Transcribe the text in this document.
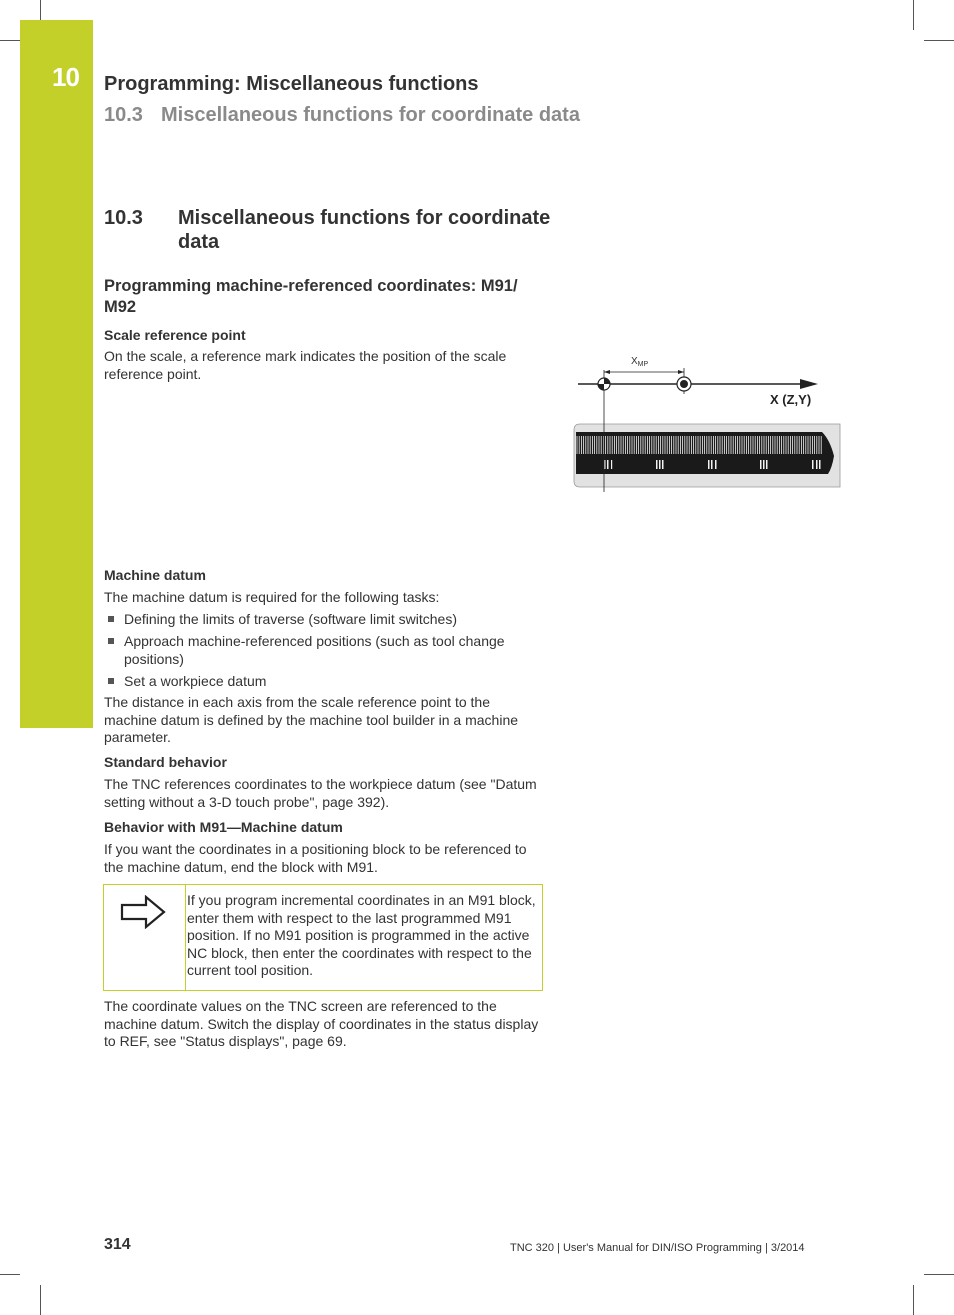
10 Programming: Miscellaneous functions
10.3 Miscellaneous functions for coordinate data
10.3 Miscellaneous functions for coordinate data
Programming machine-referenced coordinates: M91/ M92
Scale reference point
On the scale, a reference mark indicates the position of the scale reference point.
$X_{MP}$
X (Z,Y)
Machine datum
The machine datum is required for the following tasks:
Defining the limits of traverse (software limit switches)
Approach machine-referenced positions (such as tool change positions)
Set a workpiece datum
The distance in each axis from the scale reference point to the machine datum is defined by the machine tool builder in a machine parameter.
Standard behavior
The TNC references coordinates to the workpiece datum (see "Datum setting without a 3-D touch probe", page 392).
Behavior with M91—Machine datum
If you want the coordinates in a positioning block to be referenced to the machine datum, end the block with M91.
If you program incremental coordinates in an M91 block, enter them with respect to the last programmed M91 position. If no M91 position is programmed in the active NC block, then enter the coordinates with respect to the current tool position.
The coordinate values on the TNC screen are referenced to the machine datum. Switch the display of coordinates in the status display to REF, see "Status displays", page 69.
314	TNC 320 | User's Manual for DIN/ISO Programming | 3/2014
